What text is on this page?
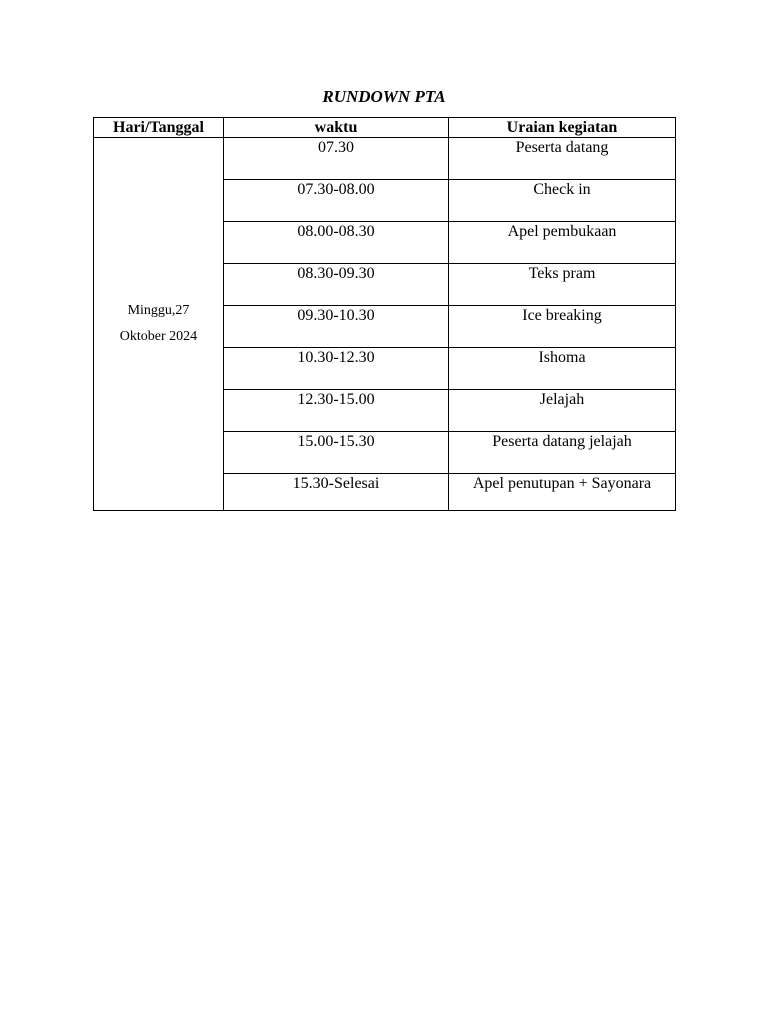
RUNDOWN PTA
Hari/Tanggal	waktu	Uraian kegiatan

Minggu,27
Oktober 2024	07.30	Peserta datang
	07.30-08.00	Check in
	08.00-08.30	Apel pembukaan
	08.30-09.30	Teks pram
	09.30-10.30	Ice breaking
	10.30-12.30	Ishoma
	12.30-15.00	Jelajah
	15.00-15.30	Peserta datang jelajah
	15.30-Selesai	Apel penutupan + Sayonara
